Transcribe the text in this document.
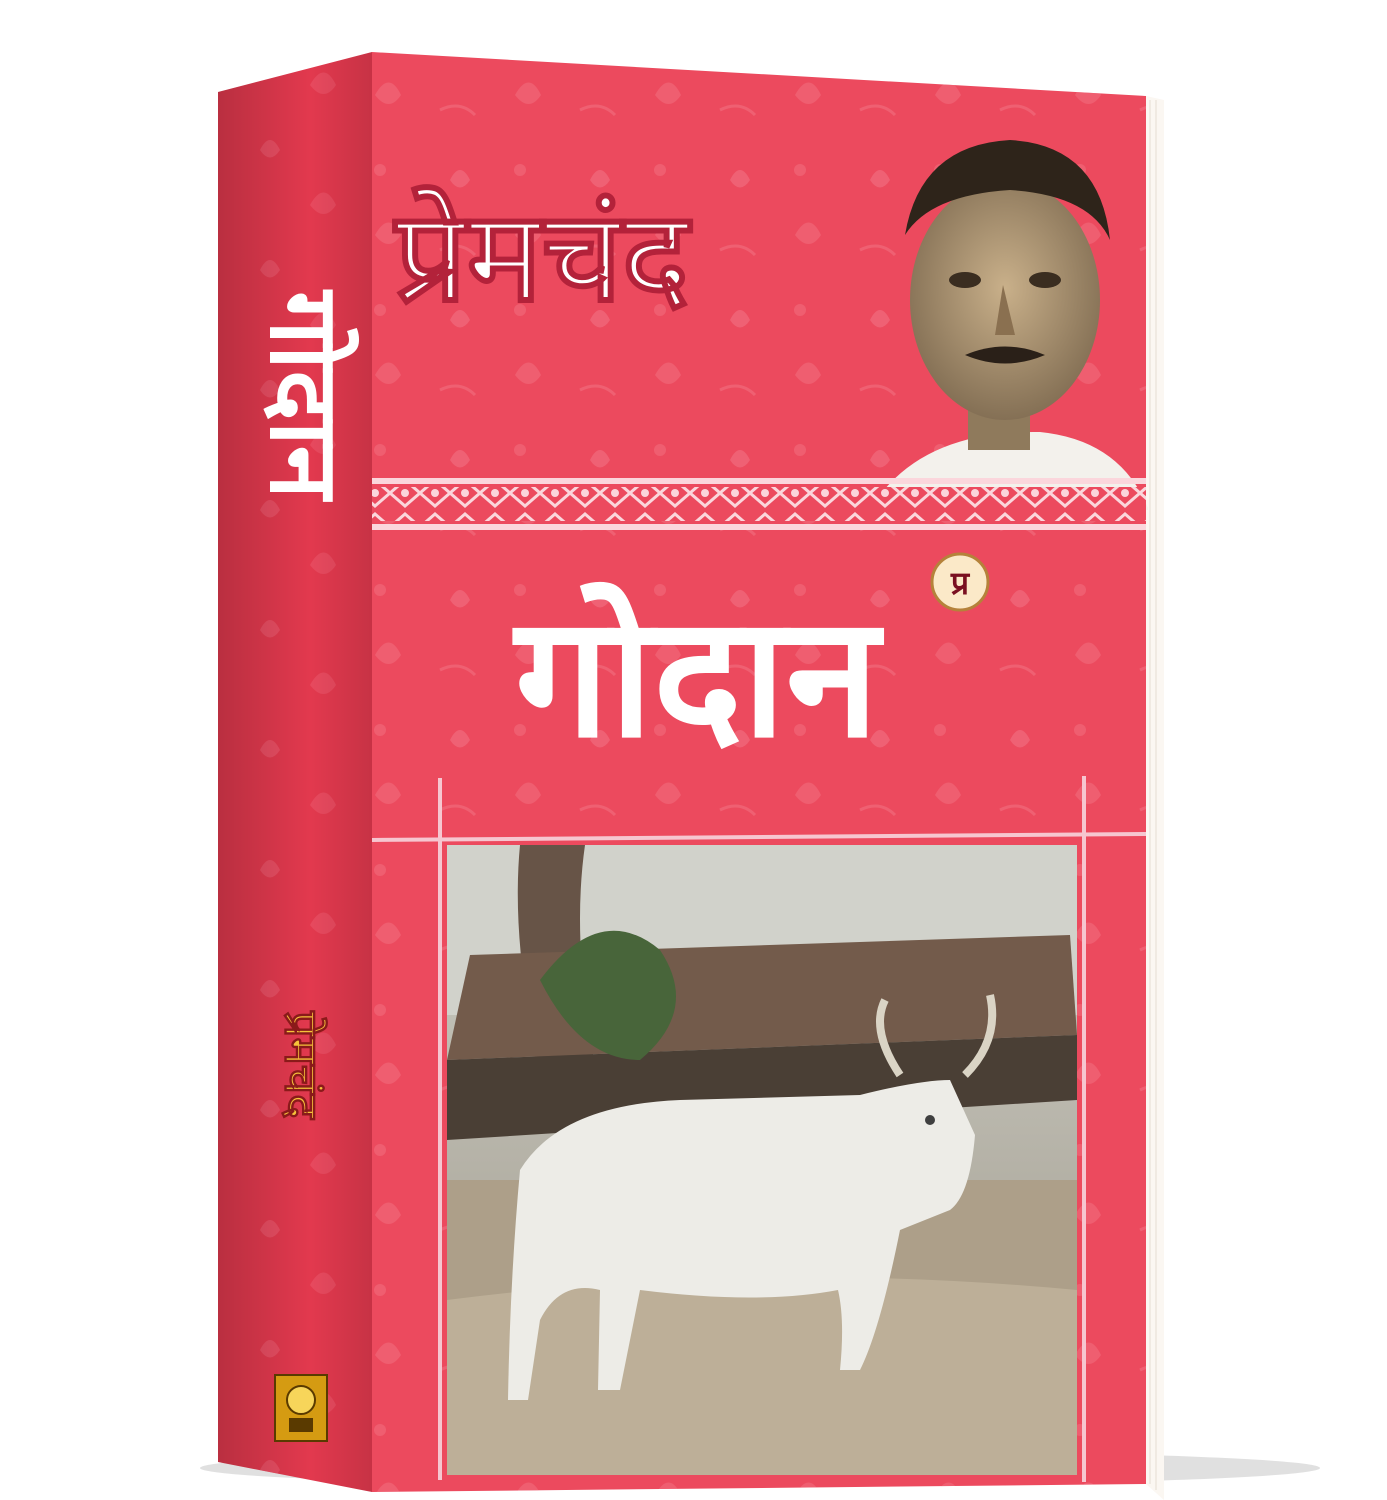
गोदान
प्रेमचंद
प्रेमचंद
गोदान प्र
